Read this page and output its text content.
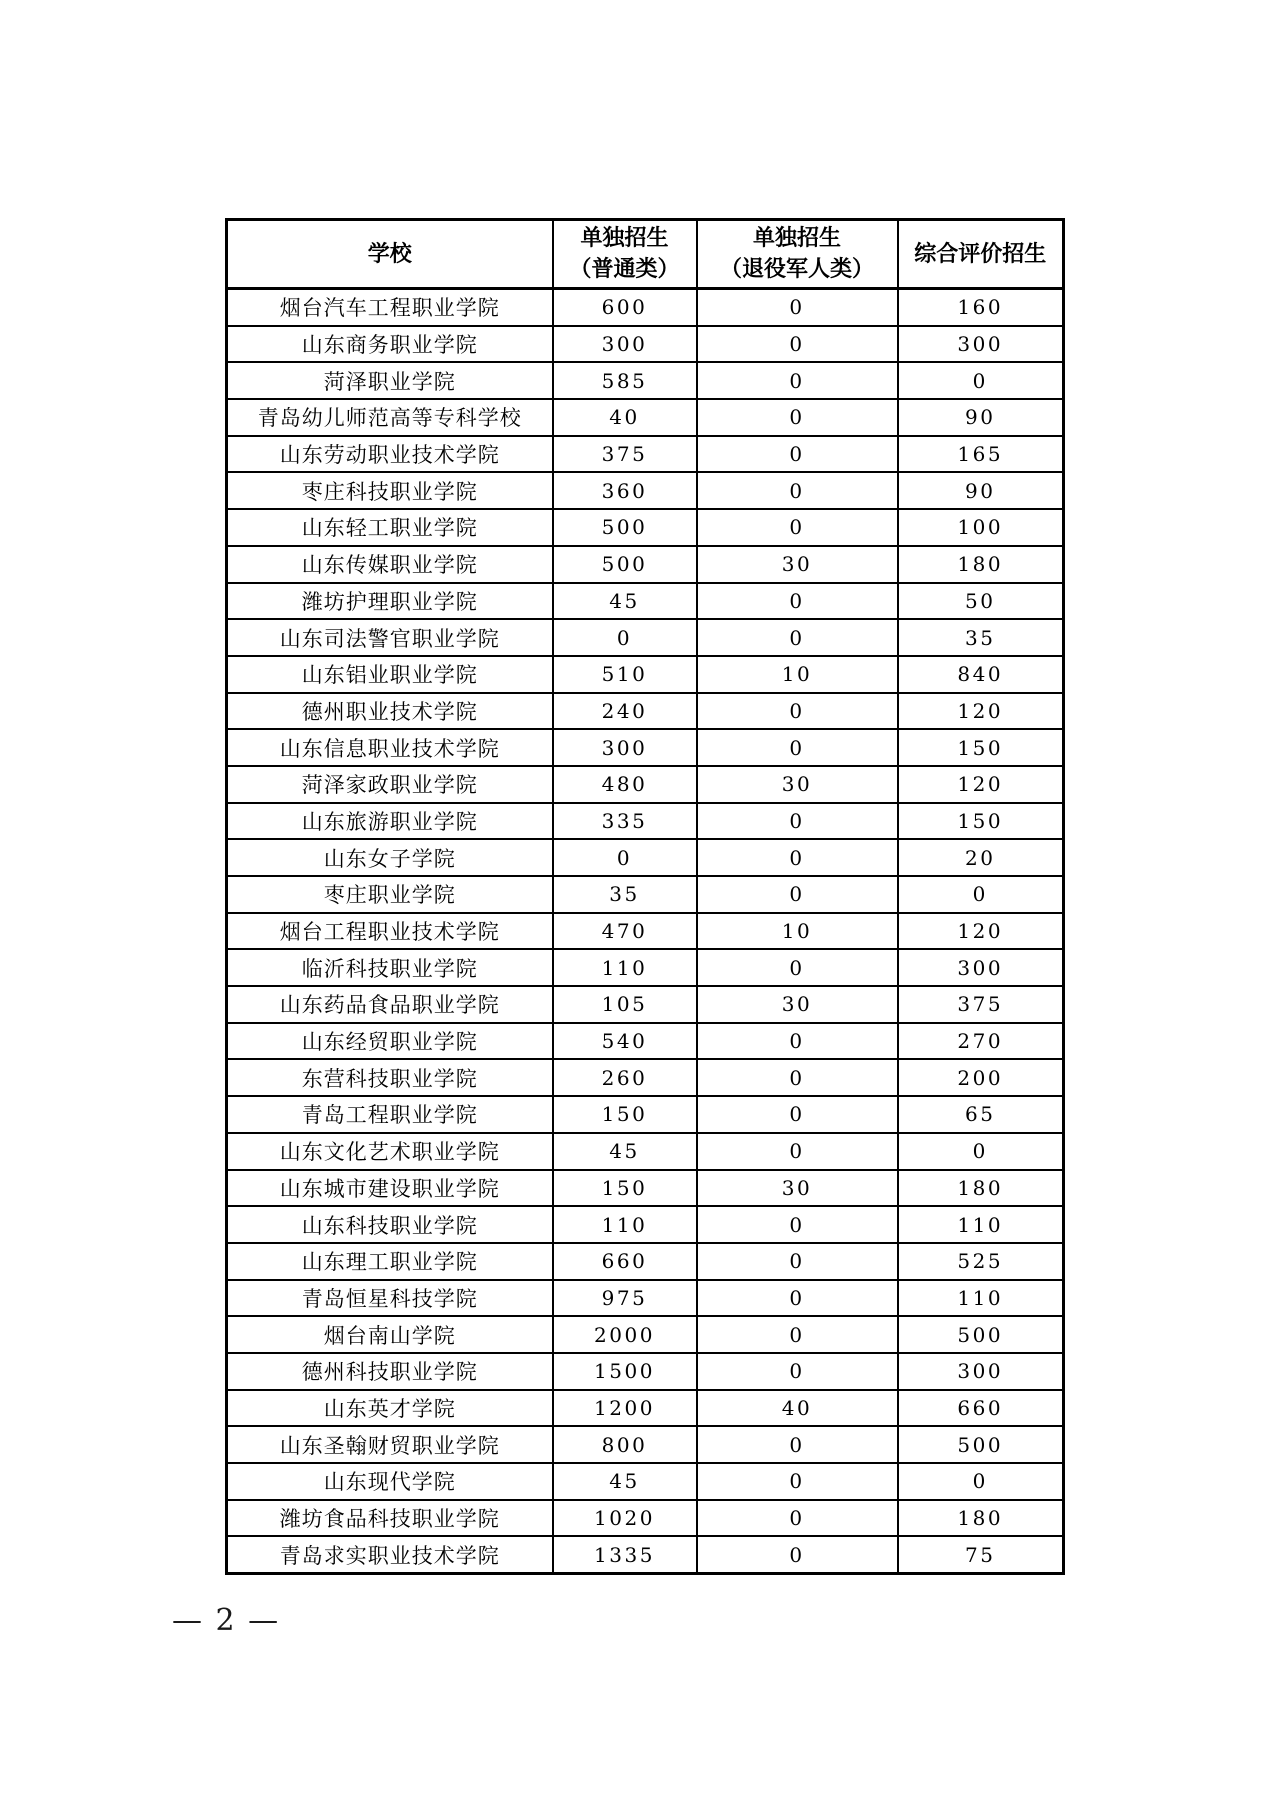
学校

单独招生
（普通类）

单独招生
（退役军人类）

综合评价招生

烟台汽车工程职业学院	600	0	160
山东商务职业学院	300	0	300
菏泽职业学院	585	0	0
青岛幼儿师范高等专科学校	40	0	90
山东劳动职业技术学院	375	0	165
枣庄科技职业学院	360	0	90
山东轻工职业学院	500	0	100
山东传媒职业学院	500	30	180
潍坊护理职业学院	45	0	50
山东司法警官职业学院	0	0	35
山东铝业职业学院	510	10	840
德州职业技术学院	240	0	120
山东信息职业技术学院	300	0	150
菏泽家政职业学院	480	30	120
山东旅游职业学院	335	0	150
山东女子学院	0	0	20
枣庄职业学院	35	0	0
烟台工程职业技术学院	470	10	120
临沂科技职业学院	110	0	300
山东药品食品职业学院	105	30	375
山东经贸职业学院	540	0	270
东营科技职业学院	260	0	200
青岛工程职业学院	150	0	65
山东文化艺术职业学院	45	0	0
山东城市建设职业学院	150	30	180
山东科技职业学院	110	0	110
山东理工职业学院	660	0	525
青岛恒星科技学院	975	0	110
烟台南山学院	2000	0	500
德州科技职业学院	1500	0	300
山东英才学院	1200	40	660
山东圣翰财贸职业学院	800	0	500
山东现代学院	45	0	0
潍坊食品科技职业学院	1020	0	180
青岛求实职业技术学院	1335	0	75
— 2 —
